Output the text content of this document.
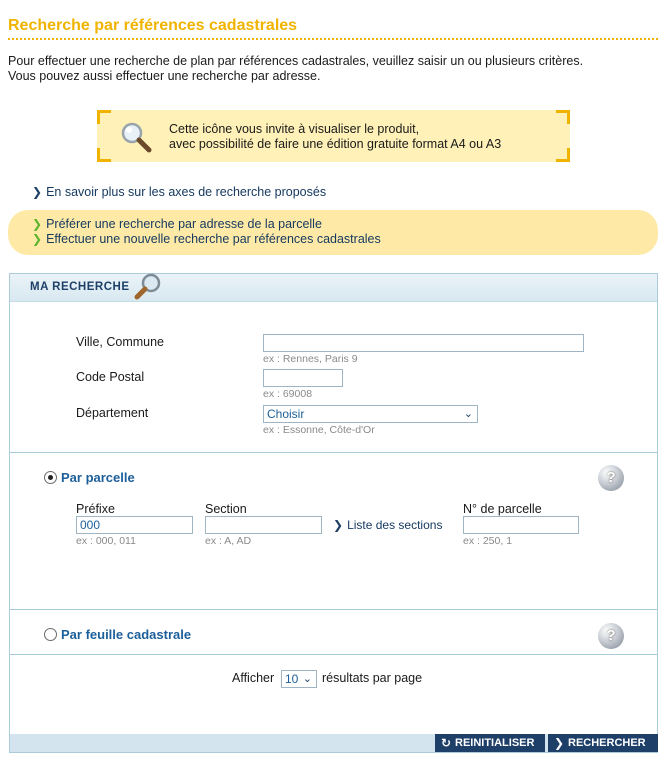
Recherche par références cadastrales
Pour effectuer une recherche de plan par références cadastrales, veuillez saisir un ou plusieurs critères.
Vous pouvez aussi effectuer une recherche par adresse.
Cette icône vous invite à visualiser le produit,
avec possibilité de faire une édition gratuite format A4 ou A3
❯ En savoir plus sur les axes de recherche proposés
❯ Préférer une recherche par adresse de la parcelle
❯ Effectuer une nouvelle recherche par références cadastrales
MA RECHERCHE
Ville, Commune
ex : Rennes, Paris 9
Code Postal
ex : 69008
Département	Choisir	⌄
ex : Essonne, Côte-d'Or
Par parcelle	?
Préfixe
000
ex : 000, 011
Section
ex : A, AD
❯ Liste des sections
N° de parcelle
ex : 250, 1
Par feuille cadastrale	?
Afficher 10 ⌄ résultats par page
↻ REINITIALISER	❯ RECHERCHER
